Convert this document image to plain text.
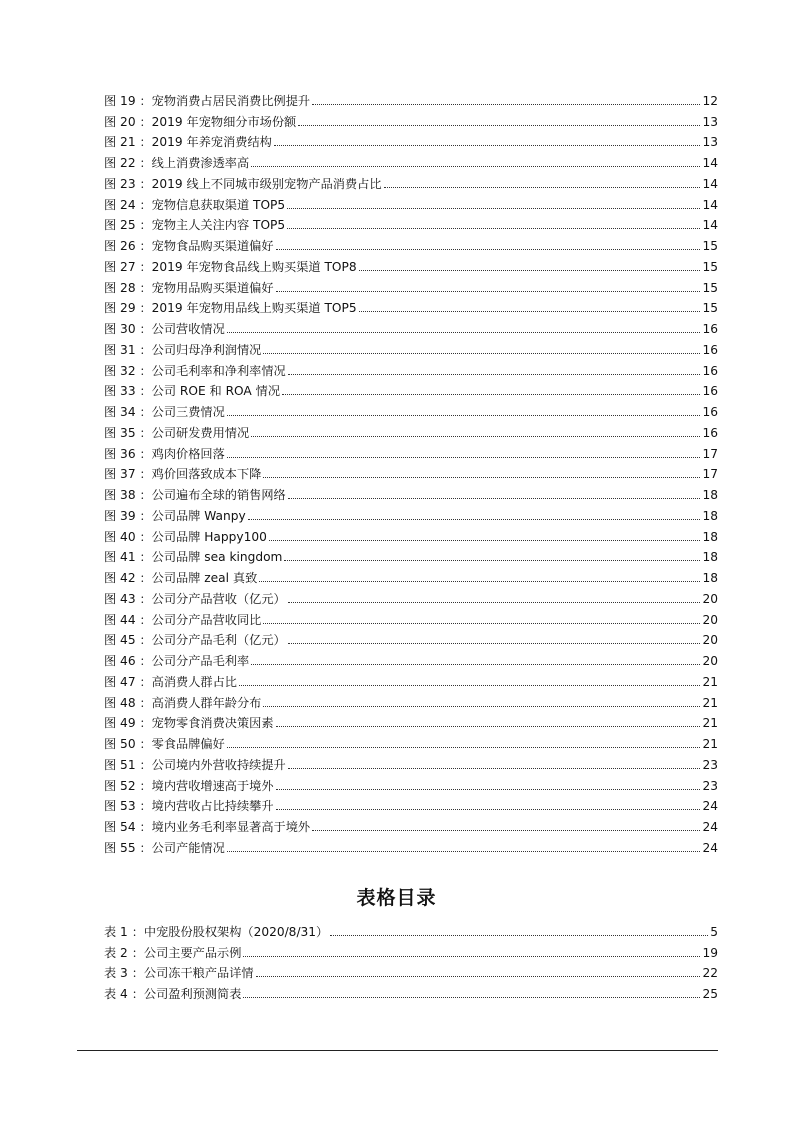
图 19 ：宠物消费占居民消费比例提升	12
图 20 ：2019 年宠物细分市场份额	13
图 21 ：2019 年养宠消费结构	13
图 22 ：线上消费渗透率高	14
图 23 ：2019 线上不同城市级别宠物产品消费占比	14
图 24 ：宠物信息获取渠道 TOP5	14
图 25 ：宠物主人关注内容 TOP5	14
图 26 ：宠物食品购买渠道偏好	15
图 27 ：2019 年宠物食品线上购买渠道 TOP8	15
图 28 ：宠物用品购买渠道偏好	15
图 29 ：2019 年宠物用品线上购买渠道 TOP5	15
图 30 ：公司营收情况	16
图 31 ：公司归母净利润情况	16
图 32 ：公司毛利率和净利率情况	16
图 33 ：公司 ROE 和 ROA 情况	16
图 34 ：公司三费情况	16
图 35 ：公司研发费用情况	16
图 36 ：鸡肉价格回落	17
图 37 ：鸡价回落致成本下降	17
图 38 ：公司遍布全球的销售网络	18
图 39 ：公司品牌 Wanpy	18
图 40 ：公司品牌 Happy100	18
图 41 ：公司品牌 sea kingdom	18
图 42 ：公司品牌 zeal 真致	18
图 43 ：公司分产品营收（亿元）	20
图 44 ：公司分产品营收同比	20
图 45 ：公司分产品毛利（亿元）	20
图 46 ：公司分产品毛利率	20
图 47 ：高消费人群占比	21
图 48 ：高消费人群年龄分布	21
图 49 ：宠物零食消费决策因素	21
图 50 ：零食品牌偏好	21
图 51 ：公司境内外营收持续提升	23
图 52 ：境内营收增速高于境外	23
图 53 ：境内营收占比持续攀升	24
图 54 ：境内业务毛利率显著高于境外	24
图 55 ：公司产能情况	24
表格目录
表 1 ：中宠股份股权架构（2020/8/31）	5
表 2 ：公司主要产品示例	19
表 3 ：公司冻干粮产品详情	22
表 4 ：公司盈利预测简表	25
